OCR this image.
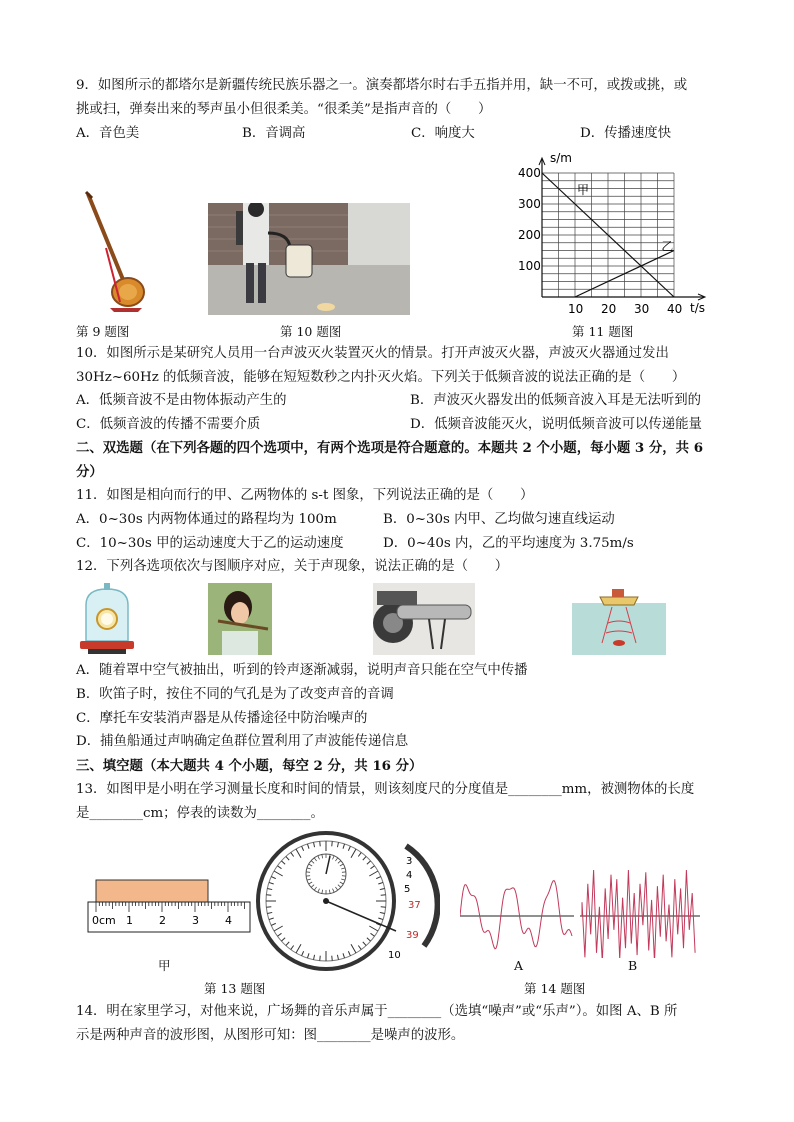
9．如图所示的都塔尔是新疆传统民族乐器之一。演奏都塔尔时右手五指并用，缺一不可，或拨或挑，或
挑或扫，弹奏出来的琴声虽小但很柔美。“很柔美”是指声音的（　　）
A．音色美	B．音调高	C．响度大	D．传播速度快
第 9 题图	第 10 题图
100
200
300
400
10 20 30 40
甲
乙
s/m
t/s
第 11 题图
10．如图所示是某研究人员用一台声波灭火装置灭火的情景。打开声波灭火器，声波灭火器通过发出
30Hz~60Hz 的低频音波，能够在短短数秒之内扑灭火焰。下列关于低频音波的说法正确的是（　　）
A．低频音波不是由物体振动产生的	B．声波灭火器发出的低频音波入耳是无法听到的
C．低频音波的传播不需要介质	D．低频音波能灭火，说明低频音波可以传递能量
二、双选题（在下列各题的四个选项中，有两个选项是符合题意的。本题共 2 个小题，每小题 3 分，共 6
分）
11．如图是相向而行的甲、乙两物体的 s-t 图象，下列说法正确的是（　　）
A．0~30s 内两物体通过的路程均为 100m	B．0~30s 内甲、乙均做匀速直线运动
C．10~30s 甲的运动速度大于乙的运动速度	D．0~40s 内，乙的平均速度为 3.75m/s
12．下列各选项依次与图顺序对应，关于声现象，说法正确的是（　　）
A．随着罩中空气被抽出，听到的铃声逐渐减弱，说明声音只能在空气中传播
B．吹笛子时，按住不同的气孔是为了改变声音的音调
C．摩托车安装消声器是从传播途径中防治噪声的
D．捕鱼船通过声呐确定鱼群位置利用了声波能传递信息
三、填空题（本大题共 4 个小题，每空 2 分，共 16 分）
13．如图甲是小明在学习测量长度和时间的情景，则该刻度尺的分度值是________mm，被测物体的长度
是________cm；停表的读数为________。
0cm 1 2 3 4
甲
3
4
5
37
39
10
第 13 题图
A	B
第 14 题图
14．明在家里学习，对他来说，广场舞的音乐声属于________（选填“噪声”或“乐声”）。如图 A、B 所
示是两种声音的波形图，从图形可知：图________是噪声的波形。
